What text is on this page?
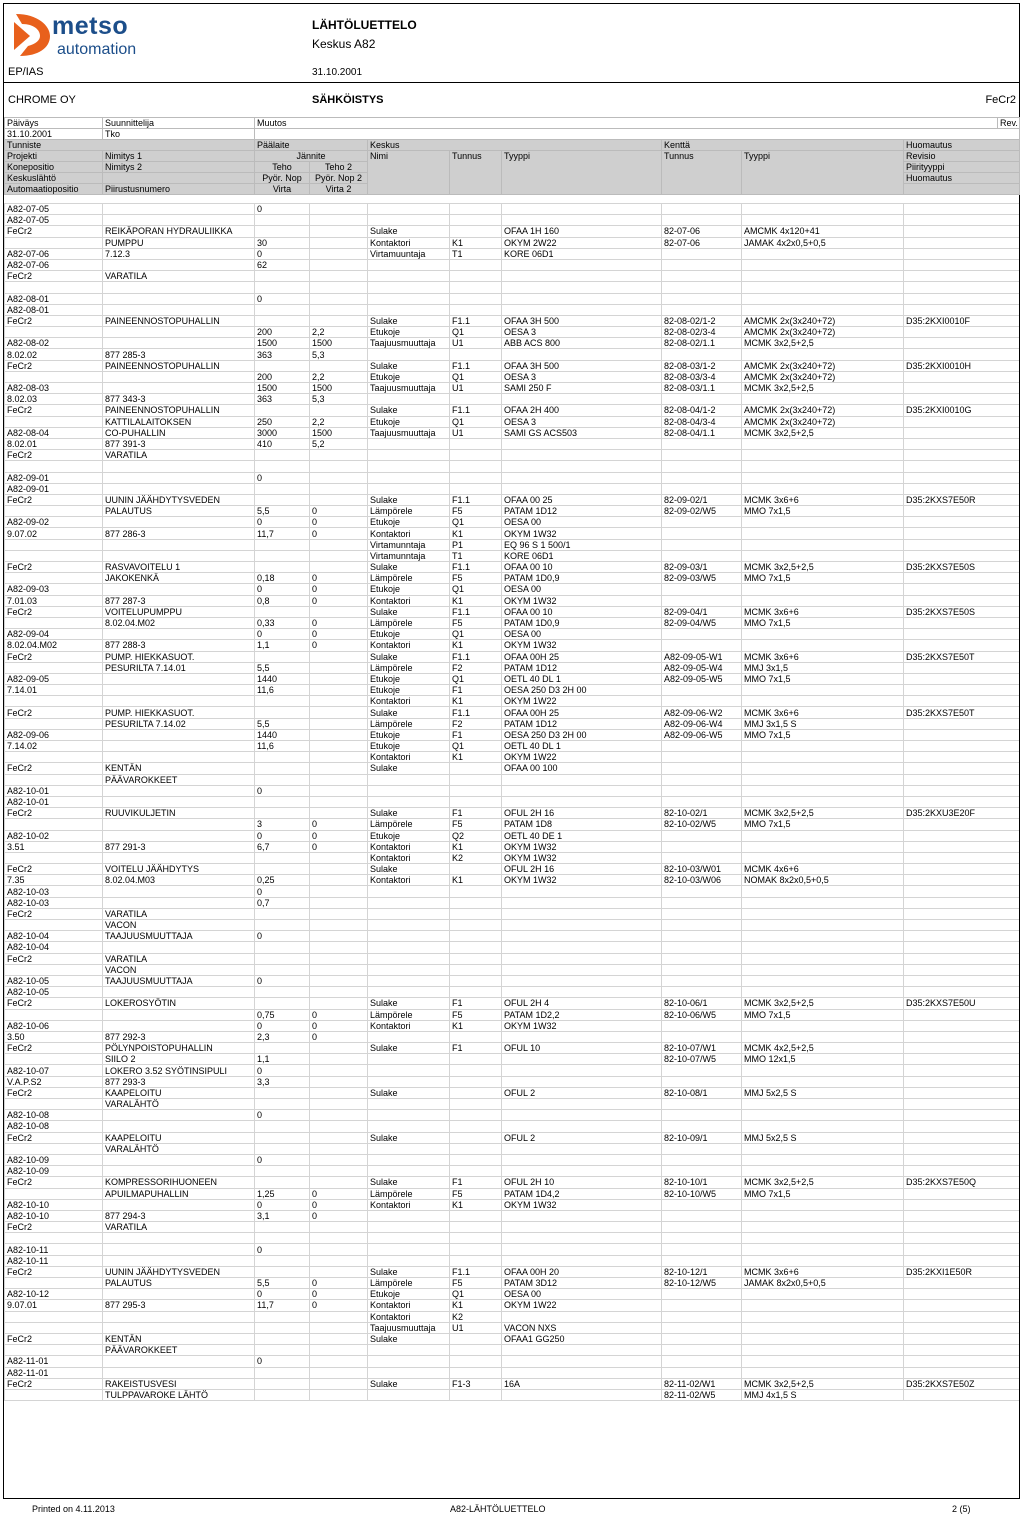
metso
automation
LÄHTÖLUETTELO
Keskus A82
EP/IAS	31.10.2001
CHROME OY	SÄHKÖISTYS	FeCr2
Päiväys	Suunnittelija	Muutos								Rev.
31.10.2001	Tko									
Tunniste		Päälaite		Keskus			Kenttä		Huomautus	
Projekti	Nimitys 1	Jännite		Nimi	Tunnus	Tyyppi	Tunnus	Tyyppi	Revisio	
Konepositio	Nimitys 2	Teho	Teho 2						Piirityyppi	
Keskuslähtö		Pyör. Nop	Pyör. Nop 2						Huomautus	
Automaatiopositio	Piirustusnumero	Virta	Virta 2							
A82-07-05		0							
A82-07-05									
FeCr2	REIKÄPORAN HYDRAULIIKKA			Sulake		OFAA 1H 160	82-07-06	AMCMK 4x120+41	
	PUMPPU	30		Kontaktori	K1	OKYM 2W22	82-07-06	JAMAK 4x2x0,5+0,5	
A82-07-06	7.12.3	0		Virtamuuntaja	T1	KORE 06D1			
A82-07-06		62							
FeCr2	VARATILA								

A82-08-01		0							
A82-08-01									
FeCr2	PAINEENNOSTOPUHALLIN			Sulake	F1.1	OFAA 3H 500	82-08-02/1-2	AMCMK 2x(3x240+72)	D35:2KXI0010F
		200	2,2	Etukoje	Q1	OESA 3	82-08-02/3-4	AMCMK 2x(3x240+72)	
A82-08-02		1500	1500	Taajuusmuuttaja	U1	ABB ACS 800	82-08-02/1.1	MCMK 3x2,5+2,5	
8.02.02	877 285-3	363	5,3						
FeCr2	PAINEENNOSTOPUHALLIN			Sulake	F1.1	OFAA 3H 500	82-08-03/1-2	AMCMK 2x(3x240+72)	D35:2KXI0010H
		200	2,2	Etukoje	Q1	OESA 3	82-08-03/3-4	AMCMK 2x(3x240+72)	
A82-08-03		1500	1500	Taajuusmuuttaja	U1	SAMI 250 F	82-08-03/1.1	MCMK 3x2,5+2,5	
8.02.03	877 343-3	363	5,3						
FeCr2	PAINEENNOSTOPUHALLIN			Sulake	F1.1	OFAA 2H 400	82-08-04/1-2	AMCMK 2x(3x240+72)	D35:2KXI0010G
	KATTILALAITOKSEN	250	2,2	Etukoje	Q1	OESA 3	82-08-04/3-4	AMCMK 2x(3x240+72)	
A82-08-04	CO-PUHALLIN	3000	1500	Taajuusmuuttaja	U1	SAMI GS ACS503	82-08-04/1.1	MCMK 3x2,5+2,5	
8.02.01	877 391-3	410	5,2						
FeCr2	VARATILA								

A82-09-01		0							
A82-09-01									
FeCr2	UUNIN JÄÄHDYTYSVEDEN			Sulake	F1.1	OFAA 00 25	82-09-02/1	MCMK 3x6+6	D35:2KXS7E50R
	PALAUTUS	5,5	0	Lämpörele	F5	PATAM 1D12	82-09-02/W5	MMO 7x1,5	
A82-09-02		0	0	Etukoje	Q1	OESA 00			
9.07.02	877 286-3	11,7	0	Kontaktori	K1	OKYM 1W32			
				Virtamunntaja	P1	EQ 96 S 1 500/1			
				Virtamunntaja	T1	KORE 06D1			
FeCr2	RASVAVOITELU 1			Sulake	F1.1	OFAA 00 10	82-09-03/1	MCMK 3x2,5+2,5	D35:2KXS7E50S
	JAKOKENKÄ	0,18	0	Lämpörele	F5	PATAM 1D0,9	82-09-03/W5	MMO 7x1,5	
A82-09-03		0	0	Etukoje	Q1	OESA 00			
7.01.03	877 287-3	0,8	0	Kontaktori	K1	OKYM 1W32			
FeCr2	VOITELUPUMPPU			Sulake	F1.1	OFAA 00 10	82-09-04/1	MCMK 3x6+6	D35:2KXS7E50S
	8.02.04.M02	0,33	0	Lämpörele	F5	PATAM 1D0,9	82-09-04/W5	MMO 7x1,5	
A82-09-04		0	0	Etukoje	Q1	OESA 00			
8.02.04.M02	877 288-3	1,1	0	Kontaktori	K1	OKYM 1W32			
FeCr2	PUMP. HIEKKASUOT.			Sulake	F1.1	OFAA 00H 25	A82-09-05-W1	MCMK 3x6+6	D35:2KXS7E50T
	PESURILTA 7.14.01	5,5		Lämpörele	F2	PATAM 1D12	A82-09-05-W4	MMJ 3x1,5	
A82-09-05		1440		Etukoje	Q1	OETL 40 DL 1	A82-09-05-W5	MMO 7x1,5	
7.14.01		11,6		Etukoje	F1	OESA 250 D3 2H 00			
				Kontaktori	K1	OKYM 1W22			
FeCr2	PUMP. HIEKKASUOT.			Sulake	F1.1	OFAA 00H 25	A82-09-06-W2	MCMK 3x6+6	D35:2KXS7E50T
	PESURILTA 7.14.02	5,5		Lämpörele	F2	PATAM 1D12	A82-09-06-W4	MMJ 3x1,5 S	
A82-09-06		1440		Etukoje	F1	OESA 250 D3 2H 00	A82-09-06-W5	MMO 7x1,5	
7.14.02		11,6		Etukoje	Q1	OETL 40 DL 1			
				Kontaktori	K1	OKYM 1W22			
FeCr2	KENTÄN			Sulake		OFAA 00 100			
	PÄÄVAROKKEET								
A82-10-01		0							
A82-10-01									
FeCr2	RUUVIKULJETIN			Sulake	F1	OFUL 2H 16	82-10-02/1	MCMK 3x2,5+2,5	D35:2KXU3E20F
		3	0	Lämpörele	F5	PATAM 1D8	82-10-02/W5	MMO 7x1,5	
A82-10-02		0	0	Etukoje	Q2	OETL 40 DE 1			
3.51	877 291-3	6,7	0	Kontaktori	K1	OKYM 1W32			
				Kontaktori	K2	OKYM 1W32			
FeCr2	VOITELU JÄÄHDYTYS			Sulake		OFUL 2H 16	82-10-03/W01	MCMK 4x6+6	
7.35	8.02.04.M03	0,25		Kontaktori	K1	OKYM 1W32	82-10-03/W06	NOMAK 8x2x0,5+0,5	
A82-10-03		0							
A82-10-03		0,7							
FeCr2	VARATILA								
	VACON								
A82-10-04	TAAJUUSMUUTTAJA	0							
A82-10-04									
FeCr2	VARATILA								
	VACON								
A82-10-05	TAAJUUSMUUTTAJA	0							
A82-10-05									
FeCr2	LOKEROSYÖTIN			Sulake	F1	OFUL 2H 4	82-10-06/1	MCMK 3x2,5+2,5	D35:2KXS7E50U
		0,75	0	Lämpörele	F5	PATAM 1D2,2	82-10-06/W5	MMO 7x1,5	
A82-10-06		0	0	Kontaktori	K1	OKYM 1W32			
3.50	877 292-3	2,3	0						
FeCr2	PÖLYNPOISTOPUHALLIN			Sulake	F1	OFUL 10	82-10-07/W1	MCMK 4x2,5+2,5	
	SIILO 2	1,1					82-10-07/W5	MMO 12x1,5	
A82-10-07	LOKERO 3.52 SYÖTINSIPULI	0							
V.A.P.S2	877 293-3	3,3							
FeCr2	KAAPELOITU			Sulake		OFUL 2	82-10-08/1	MMJ 5x2,5 S	
	VARALÄHTÖ								
A82-10-08		0							
A82-10-08									
FeCr2	KAAPELOITU			Sulake		OFUL 2	82-10-09/1	MMJ 5x2,5 S	
	VARALÄHTÖ								
A82-10-09		0							
A82-10-09									
FeCr2	KOMPRESSORIHUONEEN			Sulake	F1	OFUL 2H 10	82-10-10/1	MCMK 3x2,5+2,5	D35:2KXS7E50Q
	APUILMAPUHALLIN	1,25	0	Lämpörele	F5	PATAM 1D4,2	82-10-10/W5	MMO 7x1,5	
A82-10-10		0	0	Kontaktori	K1	OKYM 1W32			
A82-10-10	877 294-3	3,1	0						
FeCr2	VARATILA								

A82-10-11		0							
A82-10-11									
FeCr2	UUNIN JÄÄHDYTYSVEDEN			Sulake	F1.1	OFAA 00H 20	82-10-12/1	MCMK 3x6+6	D35:2KXI1E50R
	PALAUTUS	5,5	0	Lämpörele	F5	PATAM 3D12	82-10-12/W5	JAMAK 8x2x0,5+0,5	
A82-10-12		0	0	Etukoje	Q1	OESA 00			
9.07.01	877 295-3	11,7	0	Kontaktori	K1	OKYM 1W22			
				Kontaktori	K2				
				Taajuusmuuttaja	U1	VACON NXS			
FeCr2	KENTÄN			Sulake		OFAA1 GG250			
	PÄÄVAROKKEET								
A82-11-01		0							
A82-11-01									
FeCr2	RAKEISTUSVESI			Sulake	F1-3	16A	82-11-02/W1	MCMK 3x2,5+2,5	D35:2KXS7E50Z
	TULPPAVAROKE LÄHTÖ						82-11-02/W5	MMJ 4x1,5 S	
Printed on 4.11.2013	A82-LÄHTÖLUETTELO	2 (5)
